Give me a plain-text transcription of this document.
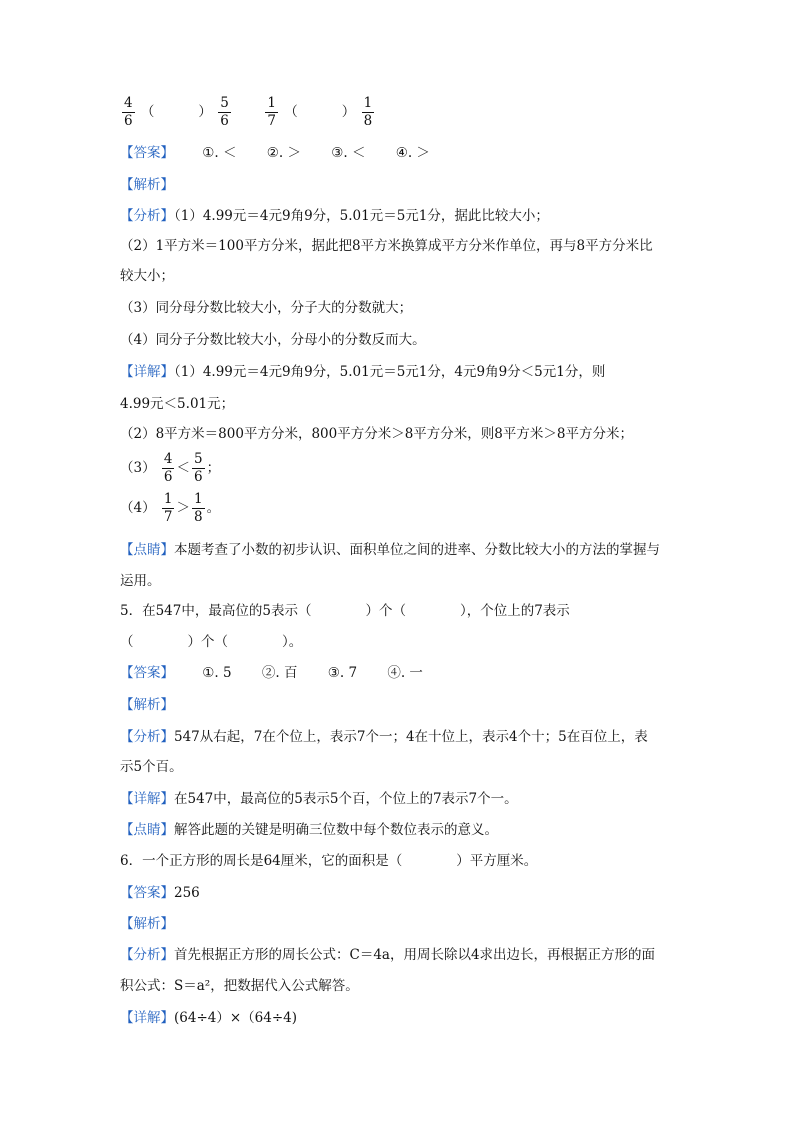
$\frac{4}{6}$ （	） $\frac{5}{6}$
	$\frac{1}{7}$ （	） $\frac{1}{8}$
【答案】 ①. ＜ ②. ＞ ③. ＜ ④. ＞
【解析】
【分析】（1）4.99元＝4元9角9分，5.01元＝5元1分，据此比较大小；
（2）1平方米＝100平方分米，据此把8平方米换算成平方分米作单位，再与8平方分米比
较大小；
（3）同分母分数比较大小，分子大的分数就大；
（4）同分子分数比较大小，分母小的分数反而大。
【详解】（1）4.99元＝4元9角9分，5.01元＝5元1分，4元9角9分＜5元1分，则
4.99元＜5.01元；
（2）8平方米＝800平方分米，800平方分米＞8平方分米，则8平方米＞8平方分米；
$(3) \frac{4}{6} < \frac{5}{6}$ ；
$(4) \frac{1}{7} > \frac{1}{8}$ 。
【点睛】本题考查了小数的初步认识、面积单位之间的进率、分数比较大小的方法的掌握与
运用。
5．在547中，最高位的5表示（　　　　）个（　　　　），个位上的7表示
（　　　　）个（　　　　）。
【答案】 ①. 5 ②. 百 ③. 7 ④. 一
【解析】
【分析】547从右起，7在个位上，表示7个一；4在十位上，表示4个十；5在百位上，表
示5个百。
【详解】在547中，最高位的5表示5个百，个位上的7表示7个一。
【点睛】解答此题的关键是明确三位数中每个数位表示的意义。
6．一个正方形的周长是64厘米，它的面积是（　　　　）平方厘米。
【答案】256
【解析】
【分析】首先根据正方形的周长公式：C＝4a，用周长除以4求出边长，再根据正方形的面
积公式：S＝a²，把数据代入公式解答。
【详解】(64÷4）×（64÷4)
